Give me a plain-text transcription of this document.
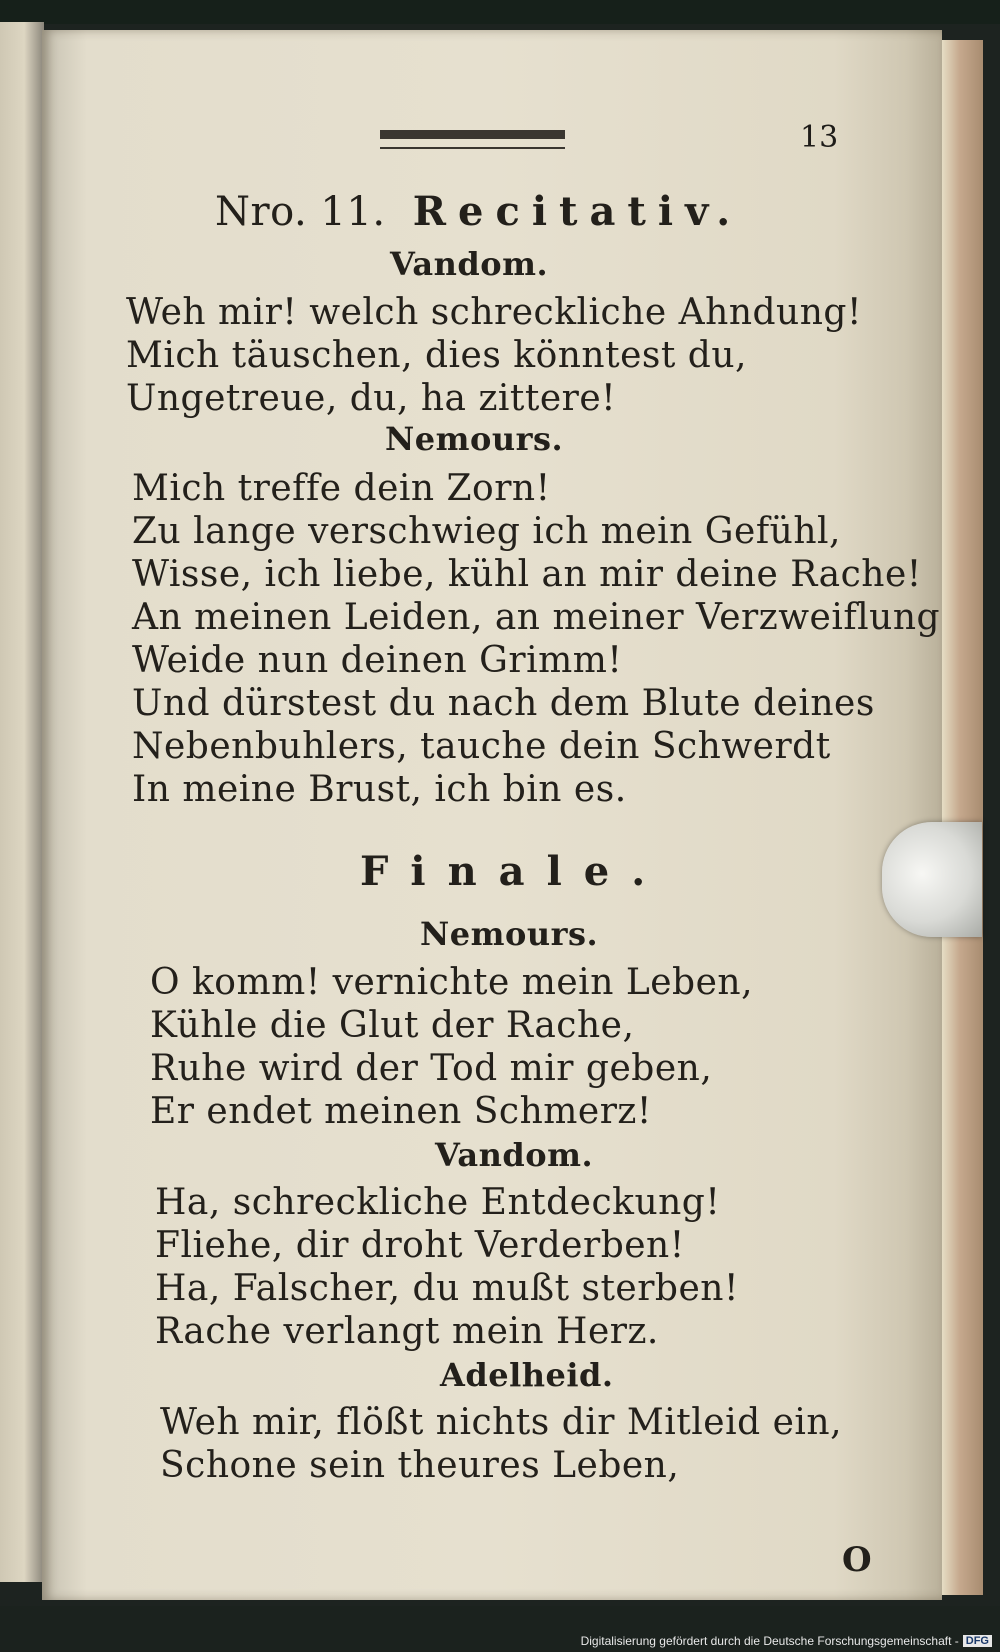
13
Nro. 11. Recitativ.
Vandom.
Weh mir! welch schreckliche Ahndung!
Mich täuschen, dies könntest du,
Ungetreue, du, ha zittere!
Nemours.
Mich treffe dein Zorn!
Zu lange verschwieg ich mein Gefühl,
Wisse, ich liebe, kühl an mir deine Rache!
An meinen Leiden, an meiner Verzweiflung
Weide nun deinen Grimm!
Und dürstest du nach dem Blute deines
Nebenbuhlers, tauche dein Schwerdt
In meine Brust, ich bin es.
Finale.
Nemours.
O komm! vernichte mein Leben,
Kühle die Glut der Rache,
Ruhe wird der Tod mir geben,
Er endet meinen Schmerz!
Vandom.
Ha, schreckliche Entdeckung!
Fliehe, dir droht Verderben!
Ha, Falscher, du mußt sterben!
Rache verlangt mein Herz.
Adelheid.
Weh mir, flößt nichts dir Mitleid ein,
Schone sein theures Leben,
O
Digitalisierung gefördert durch die Deutsche Forschungsgemeinschaft - DFG
